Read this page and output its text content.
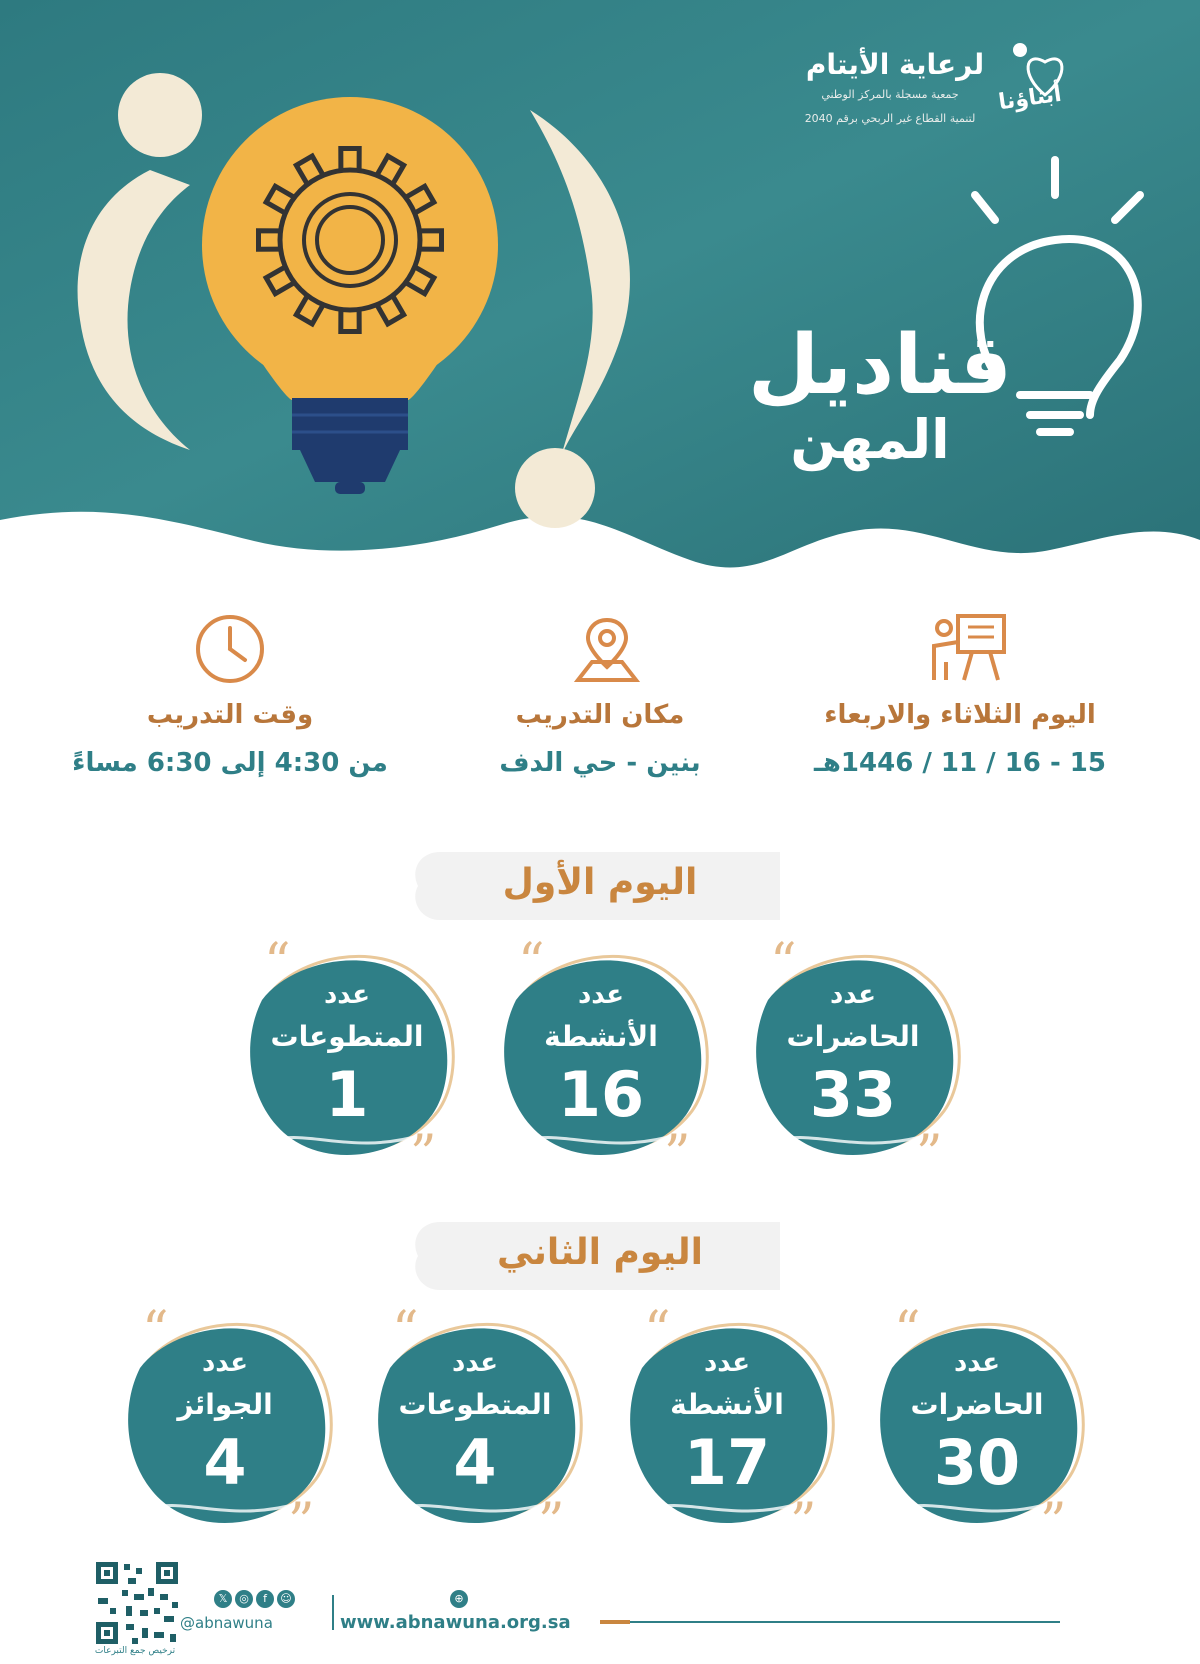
لرعاية الأيتام
جمعية مسجلة بالمركز الوطني
لتنمية القطاع غير الربحي برقم 2040
أبناؤنا
قناديل
المهن
وقت التدريب
من 4:30 إلى 6:30 مساءً
مكان التدريب
بنين - حي الدف
اليوم الثلاثاء والاربعاء
15 - 16 / 11 / 1446هـ
اليوم الأول
“
”
عدد
الحاضرات
33
“
”
عدد
الأنشطة
16
“
”
عدد
المتطوعات
1
اليوم الثاني
“
”
عدد
الحاضرات
30
“
”
عدد
الأنشطة
17
“
”
عدد
المتطوعات
4
“
”
عدد
الجوائز
4
ترخيص جمع التبرعات
𝕏	◎	f	☺
@abnawuna
⊕
www.abnawuna.org.sa
